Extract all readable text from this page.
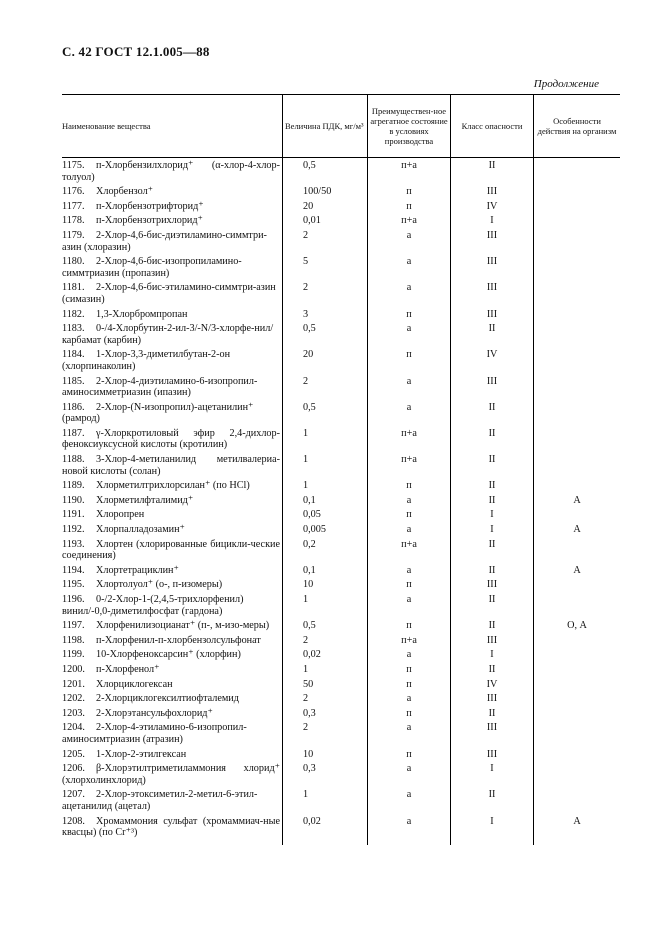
С. 42 ГОСТ 12.1.005—88
Продолжение
Наименование вещества	Величина ПДК, мг/м³	Преимуществен-ное агрегатное состояние в условиях производства	Класс опасности	Особенности действия на организм
1175. п-Хлорбензилхлорид⁺ (α-хлор-4-хлор-толуол)	0,5	п+а	II	
1176. Хлорбензол⁺	100/50	п	III	
1177. п-Хлорбензотрифторид⁺	20	п	IV	
1178. п-Хлорбензотрихлорид⁺	0,01	п+а	I	
1179. 2-Хлор-4,6-бис-диэтиламино-симмтри-азин (хлоразин)	2	а	III	
1180. 2-Хлор-4,6-бис-изопропиламино-симмтриазин (пропазин)	5	а	III	
1181. 2-Хлор-4,6-бис-этиламино-симмтри-азин (симазин)	2	а	III	
1182. 1,3-Хлорбромпропан	3	п	III	
1183. 0-/4-Хлорбутин-2-ил-3/-N/3-хлорфе-нил/карбамат (карбин)	0,5	а	II	
1184. 1-Хлор-3,3-диметилбутан-2-он (хлорпинаколин)	20	п	IV	
1185. 2-Хлор-4-диэтиламино-6-изопропил-аминосимметриазин (ипазин)	2	а	III	
1186. 2-Хлор-(N-изопропил)-ацетанилин⁺ (рамрод)	0,5	а	II	
1187. γ-Хлоркротиловый эфир 2,4-дихлор-феноксиуксусной кислоты (кротилин)	1	п+а	II	
1188. 3-Хлор-4-метиланилид метилвалериа-новой кислоты (солан)	1	п+а	II	
1189. Хлорметилтрихлорсилан⁺ (по HCl)	1	п	II	
1190. Хлорметилфталимид⁺	0,1	а	II	А
1191. Хлоропрен	0,05	п	I	
1192. Хлорпалладозамин⁺	0,005	а	I	А
1193. Хлортен (хлорированные бицикли-ческие соединения)	0,2	п+а	II	
1194. Хлортетрациклин⁺	0,1	а	II	А
1195. Хлортолуол⁺ (о-, п-изомеры)	10	п	III	
1196. 0-/2-Хлор-1-(2,4,5-трихлорфенил) винил/-0,0-диметилфосфат (гардона)	1	а	II	
1197. Хлорфенилизоцианат⁺ (п-, м-изо-меры)	0,5	п	II	О, А
1198. п-Хлорфенил-п-хлорбензолсульфонат	2	п+а	III	
1199. 10-Хлорфеноксарсин⁺ (хлорфин)	0,02	а	I	
1200. п-Хлорфенол⁺	1	п	II	
1201. Хлорциклогексан	50	п	IV	
1202. 2-Хлорциклогексилтиофталемид	2	а	III	
1203. 2-Хлорэтансульфохлорид⁺	0,3	п	II	
1204. 2-Хлор-4-этиламино-6-изопропил-аминосимтриазин (атразин)	2	а	III	
1205. 1-Хлор-2-этилгексан	10	п	III	
1206. β-Хлорэтилтриметиламмония хлорид⁺ (хлорхолинхлорид)	0,3	а	I	
1207. 2-Хлор-этоксиметил-2-метил-6-этил-ацетанилид (ацетал)	1	а	II	
1208. Хромаммония сульфат (хромаммиач-ные квасцы) (по Cr⁺³)	0,02	а	I	А
